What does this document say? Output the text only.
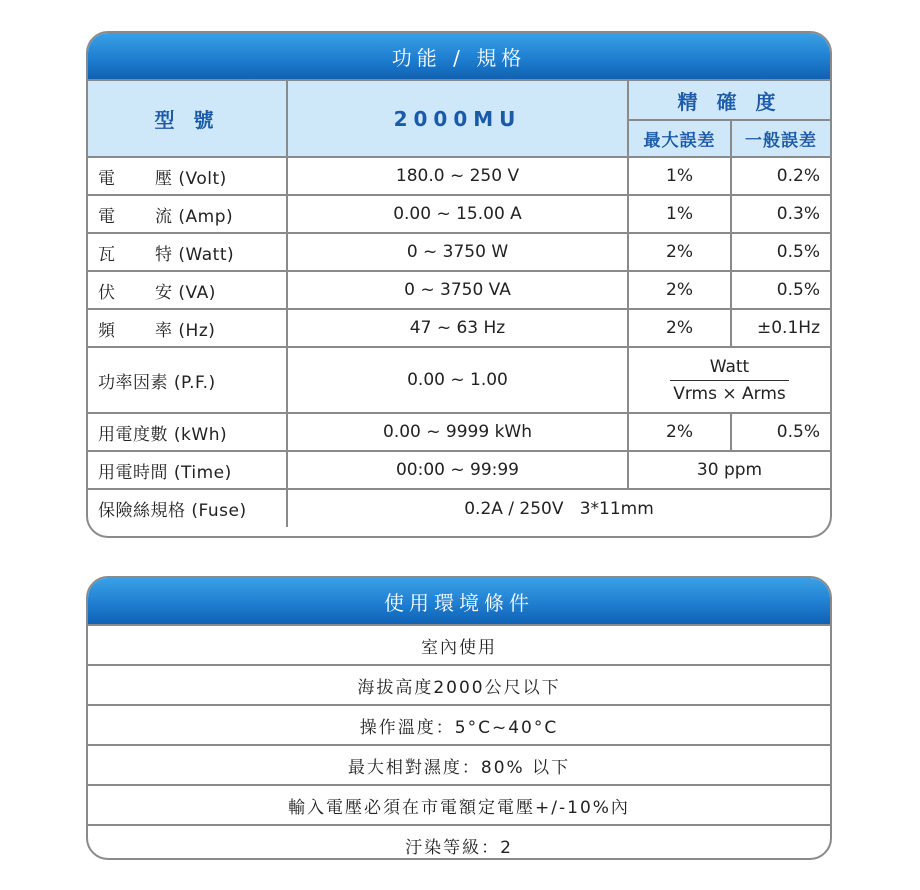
功能 / 規格
型 號	2000MU	精 確 度	
		最大誤差	一般誤差
電 壓 (Volt)	180.0 ~ 250 V	1%	0.2%
電 流 (Amp)	0.00 ~ 15.00 A	1%	0.3%
瓦 特 (Watt)	0 ~ 3750 W	2%	0.5%
伏 安 (VA)	0 ~ 3750 VA	2%	0.5%
頻 率 (Hz)	47 ~ 63 Hz	2%	±0.1Hz
功率因素 (P.F.)	0.00 ~ 1.00	$\frac{\text{Watt}}{\text{Vrms × Arms}}$

用電度數 (kWh)	0.00 ~ 9999 kWh	2%	0.5%
用電時間 (Time)	00:00 ~ 99:99	30 ppm	
保險絲規格 (Fuse)	0.2A / 250V   3*11mm		
使用環境條件
室內使用
海拔高度2000公尺以下
操作溫度：5°C~40°C
最大相對濕度：80% 以下
輸入電壓必須在市電額定電壓+/-10%內
汙染等級：2
